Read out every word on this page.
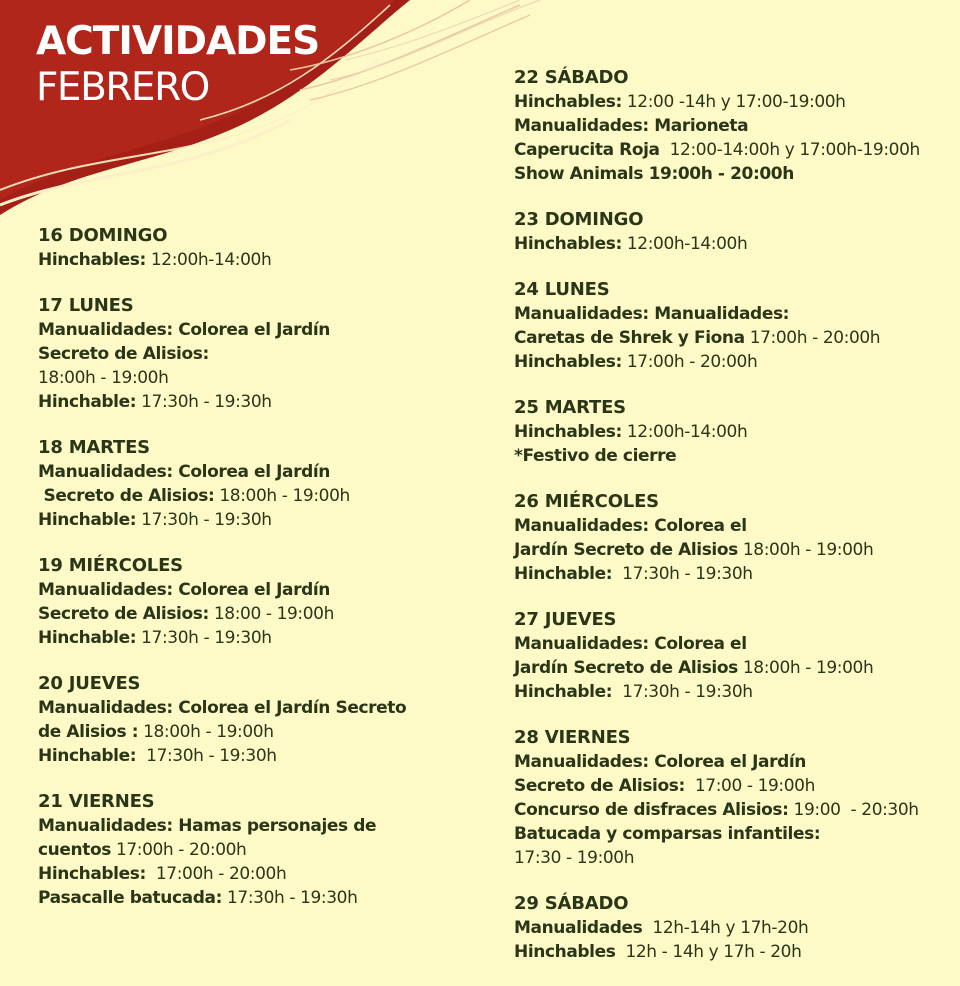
ACTIVIDADES
FEBRERO
16 DOMINGO
Hinchables: 12:00h-14:00h
17 LUNES
Manualidades: Colorea el Jardín
Secreto de Alisios:
18:00h - 19:00h
Hinchable: 17:30h - 19:30h
18 MARTES
Manualidades: Colorea el Jardín
Secreto de Alisios: 18:00h - 19:00h
Hinchable: 17:30h - 19:30h
19 MIÉRCOLES
Manualidades: Colorea el Jardín
Secreto de Alisios: 18:00 - 19:00h
Hinchable: 17:30h - 19:30h
20 JUEVES
Manualidades: Colorea el Jardín Secreto
de Alisios : 18:00h - 19:00h
Hinchable:  17:30h - 19:30h
21 VIERNES
Manualidades: Hamas personajes de
cuentos 17:00h - 20:00h
Hinchables:  17:00h - 20:00h
Pasacalle batucada: 17:30h - 19:30h
22 SÁBADO
Hinchables: 12:00 -14h y 17:00-19:00h
Manualidades: Marioneta
Caperucita Roja  12:00-14:00h y 17:00h-19:00h
Show Animals 19:00h - 20:00h
23 DOMINGO
Hinchables: 12:00h-14:00h
24 LUNES
Manualidades: Manualidades:
Caretas de Shrek y Fiona 17:00h - 20:00h
Hinchables: 17:00h - 20:00h
25 MARTES
Hinchables: 12:00h-14:00h
*Festivo de cierre
26 MIÉRCOLES
Manualidades: Colorea el
Jardín Secreto de Alisios 18:00h - 19:00h
Hinchable:  17:30h - 19:30h
27 JUEVES
Manualidades: Colorea el
Jardín Secreto de Alisios 18:00h - 19:00h
Hinchable:  17:30h - 19:30h
28 VIERNES
Manualidades: Colorea el Jardín
Secreto de Alisios:  17:00 - 19:00h
Concurso de disfraces Alisios: 19:00  - 20:30h
Batucada y comparsas infantiles:
17:30 - 19:00h
29 SÁBADO
Manualidades  12h-14h y 17h-20h
Hinchables  12h - 14h y 17h - 20h
